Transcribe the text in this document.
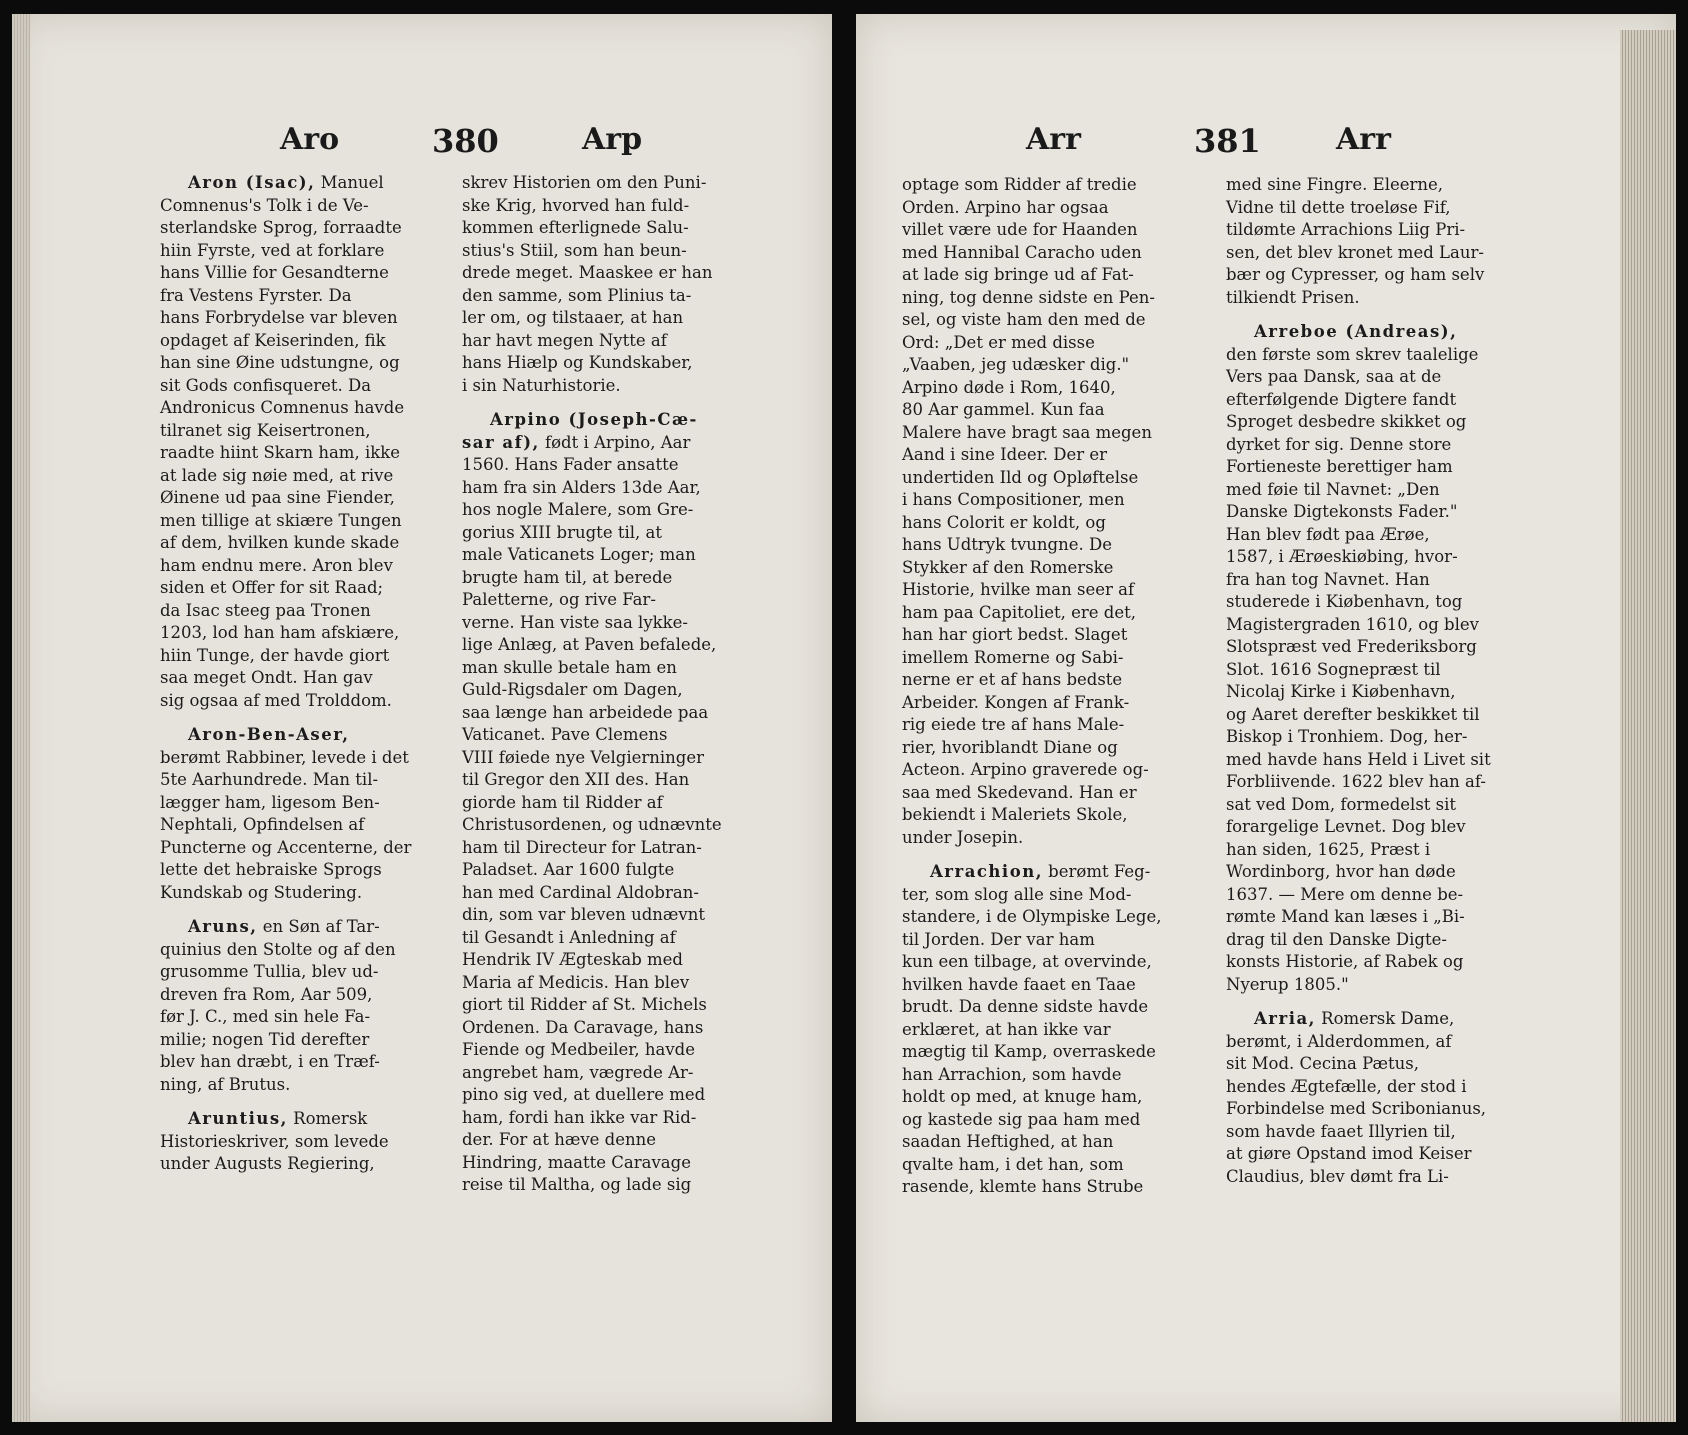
Aro	380	Arp

Aron (Isac), Manuel
Comnenus's Tolk i de Ve-
sterlandske Sprog, forraadte
hiin Fyrste, ved at forklare
hans Villie for Gesandterne
fra Vestens Fyrster. Da
hans Forbrydelse var bleven
opdaget af Keiserinden, fik
han sine Øine udstungne, og
sit Gods confisqueret. Da
Andronicus Comnenus havde
tilranet sig Keisertronen,
raadte hiint Skarn ham, ikke
at lade sig nøie med, at rive
Øinene ud paa sine Fiender,
men tillige at skiære Tungen
af dem, hvilken kunde skade
ham endnu mere. Aron blev
siden et Offer for sit Raad;
da Isac steeg paa Tronen
1203, lod han ham afskiære,
hiin Tunge, der havde giort
saa meget Ondt. Han gav
sig ogsaa af med Trolddom.

Aron-Ben-Aser,
berømt Rabbiner, levede i det
5te Aarhundrede. Man til-
lægger ham, ligesom Ben-
Nephtali, Opfindelsen af
Puncterne og Accenterne, der
lette det hebraiske Sprogs
Kundskab og Studering.

Aruns, en Søn af Tar-
quinius den Stolte og af den
grusomme Tullia, blev ud-
dreven fra Rom, Aar 509,
før J. C., med sin hele Fa-
milie; nogen Tid derefter
blev han dræbt, i en Træf-
ning, af Brutus.

Aruntius, Romersk
Historieskriver, som levede
under Augusts Regiering,

skrev Historien om den Puni-
ske Krig, hvorved han fuld-
kommen efterlignede Salu-
stius's Stiil, som han beun-
drede meget. Maaskee er han
den samme, som Plinius ta-
ler om, og tilstaaer, at han
har havt megen Nytte af
hans Hiælp og Kundskaber,
i sin Naturhistorie.

Arpino (Joseph-Cæ-
sar af), født i Arpino, Aar
1560. Hans Fader ansatte
ham fra sin Alders 13de Aar,
hos nogle Malere, som Gre-
gorius XIII brugte til, at
male Vaticanets Loger; man
brugte ham til, at berede
Paletterne, og rive Far-
verne. Han viste saa lykke-
lige Anlæg, at Paven befalede,
man skulle betale ham en
Guld-Rigsdaler om Dagen,
saa længe han arbeidede paa
Vaticanet. Pave Clemens
VIII føiede nye Velgierninger
til Gregor den XII des. Han
giorde ham til Ridder af
Christusordenen, og udnævnte
ham til Directeur for Latran-
Paladset. Aar 1600 fulgte
han med Cardinal Aldobran-
din, som var bleven udnævnt
til Gesandt i Anledning af
Hendrik IV Ægteskab med
Maria af Medicis. Han blev
giort til Ridder af St. Michels
Ordenen. Da Caravage, hans
Fiende og Medbeiler, havde
angrebet ham, vægrede Ar-
pino sig ved, at duellere med
ham, fordi han ikke var Rid-
der. For at hæve denne
Hindring, maatte Caravage
reise til Maltha, og lade sig

Arr	381	Arr

optage som Ridder af tredie
Orden. Arpino har ogsaa
villet være ude for Haanden
med Hannibal Caracho uden
at lade sig bringe ud af Fat-
ning, tog denne sidste en Pen-
sel, og viste ham den med de
Ord: „Det er med disse
„Vaaben, jeg udæsker dig."
Arpino døde i Rom, 1640,
80 Aar gammel. Kun faa
Malere have bragt saa megen
Aand i sine Ideer. Der er
undertiden Ild og Opløftelse
i hans Compositioner, men
hans Colorit er koldt, og
hans Udtryk tvungne. De
Stykker af den Romerske
Historie, hvilke man seer af
ham paa Capitoliet, ere det,
han har giort bedst. Slaget
imellem Romerne og Sabi-
nerne er et af hans bedste
Arbeider. Kongen af Frank-
rig eiede tre af hans Male-
rier, hvoriblandt Diane og
Acteon. Arpino graverede og-
saa med Skedevand. Han er
bekiendt i Maleriets Skole,
under Josepin.

Arrachion, berømt Feg-
ter, som slog alle sine Mod-
standere, i de Olympiske Lege,
til Jorden. Der var ham
kun een tilbage, at overvinde,
hvilken havde faaet en Taae
brudt. Da denne sidste havde
erklæret, at han ikke var
mægtig til Kamp, overraskede
han Arrachion, som havde
holdt op med, at knuge ham,
og kastede sig paa ham med
saadan Heftighed, at han
qvalte ham, i det han, som
rasende, klemte hans Strube

med sine Fingre. Eleerne,
Vidne til dette troeløse Fif,
tildømte Arrachions Liig Pri-
sen, det blev kronet med Laur-
bær og Cypresser, og ham selv
tilkiendt Prisen.

Arreboe (Andreas),
den første som skrev taalelige
Vers paa Dansk, saa at de
efterfølgende Digtere fandt
Sproget desbedre skikket og
dyrket for sig. Denne store
Fortieneste berettiger ham
med føie til Navnet: „Den
Danske Digtekonsts Fader."
Han blev født paa Ærøe,
1587, i Ærøeskiøbing, hvor-
fra han tog Navnet. Han
studerede i Kiøbenhavn, tog
Magistergraden 1610, og blev
Slotspræst ved Frederiksborg
Slot. 1616 Sognepræst til
Nicolaj Kirke i Kiøbenhavn,
og Aaret derefter beskikket til
Biskop i Tronhiem. Dog, her-
med havde hans Held i Livet sit
Forbliivende. 1622 blev han af-
sat ved Dom, formedelst sit
forargelige Levnet. Dog blev
han siden, 1625, Præst i
Wordinborg, hvor han døde
1637. — Mere om denne be-
rømte Mand kan læses i „Bi-
drag til den Danske Digte-
konsts Historie, af Rabek og
Nyerup 1805."

Arria, Romersk Dame,
berømt, i Alderdommen, af
sit Mod. Cecina Pætus,
hendes Ægtefælle, der stod i
Forbindelse med Scribonianus,
som havde faaet Illyrien til,
at giøre Opstand imod Keiser
Claudius, blev dømt fra Li-
